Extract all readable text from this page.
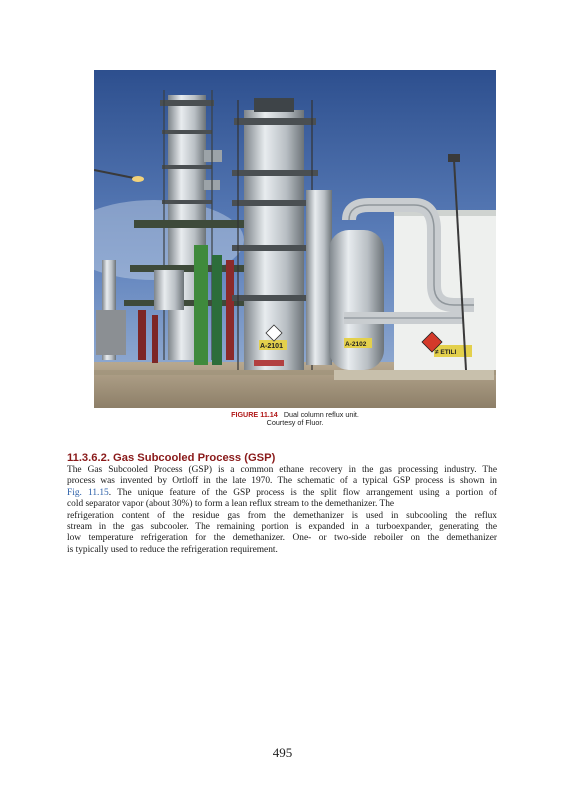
A-2101
≠ ETILI
A-2102
FIGURE 11.14 Dual column reflux unit.
Courtesy of Fluor.
11.3.6.2. Gas Subcooled Process (GSP)
The Gas Subcooled Process (GSP) is a common ethane recovery in the gas processing industry. The
process was invented by Ortloff in the late 1970. The schematic of a typical GSP process is shown in
Fig. 11.15. The unique feature of the GSP process is the split flow arrangement using a portion of
cold separator vapor (about 30%) to form a lean reflux stream to the demethanizer. The
refrigeration content of the residue gas from the demethanizer is used in subcooling the reflux
stream in the gas subcooler. The remaining portion is expanded in a turboexpander, generating the
low temperature refrigeration for the demethanizer. One- or two-side reboiler on the demethanizer
is typically used to reduce the refrigeration requirement.
495
